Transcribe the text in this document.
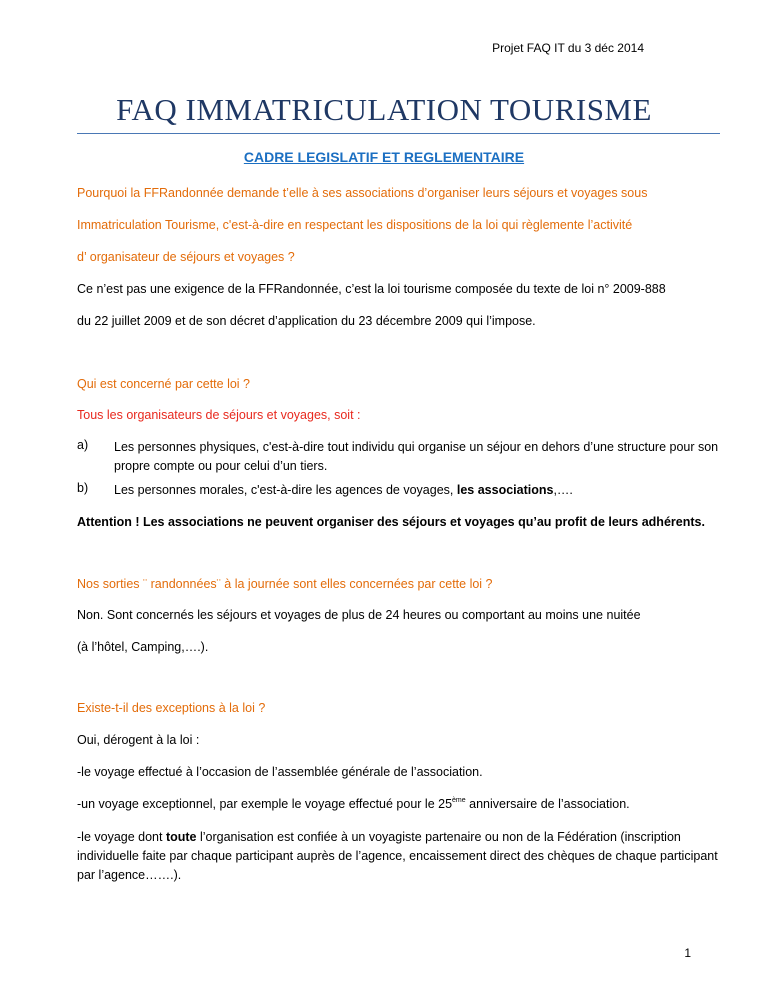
Projet FAQ IT du 3 déc 2014
FAQ IMMATRICULATION TOURISME
CADRE LEGISLATIF ET REGLEMENTAIRE
Pourquoi la FFRandonnée demande t’elle à ses associations d’organiser leurs séjours et voyages sous
Immatriculation Tourisme, c'est-à-dire en respectant les dispositions de la loi qui règlemente l’activité
d’ organisateur de séjours et voyages ?
Ce n’est pas une exigence de la FFRandonnée, c’est la loi tourisme composée du texte de loi n° 2009-888
du 22 juillet 2009 et de son décret d’application du 23 décembre 2009 qui l’impose.
Qui est concerné par cette loi ?
Tous les organisateurs de séjours et voyages, soit :
a) Les personnes physiques, c'est-à-dire tout individu qui organise un séjour en dehors d’une structure pour son propre compte ou pour celui d’un tiers.
b) Les personnes morales, c'est-à-dire les agences de voyages, les associations,….
Attention ! Les associations ne peuvent organiser des séjours et voyages qu’au profit de leurs adhérents.
Nos sorties ¨ randonnées¨ à la journée sont elles concernées par cette loi ?
Non. Sont concernés les séjours et voyages de plus de 24 heures ou comportant au moins une nuitée
(à l’hôtel, Camping,….).
Existe-t-il des exceptions à la loi ?
Oui, dérogent à la loi :
-le voyage effectué à l’occasion de l’assemblée générale de l’association.
-un voyage exceptionnel, par exemple le voyage effectué pour le 25ème anniversaire de l’association.
-le voyage dont toute l’organisation est confiée à un voyagiste partenaire ou non de la Fédération (inscription individuelle faite par chaque participant auprès de l’agence, encaissement direct des chèques de chaque participant par l’agence…….).
1
